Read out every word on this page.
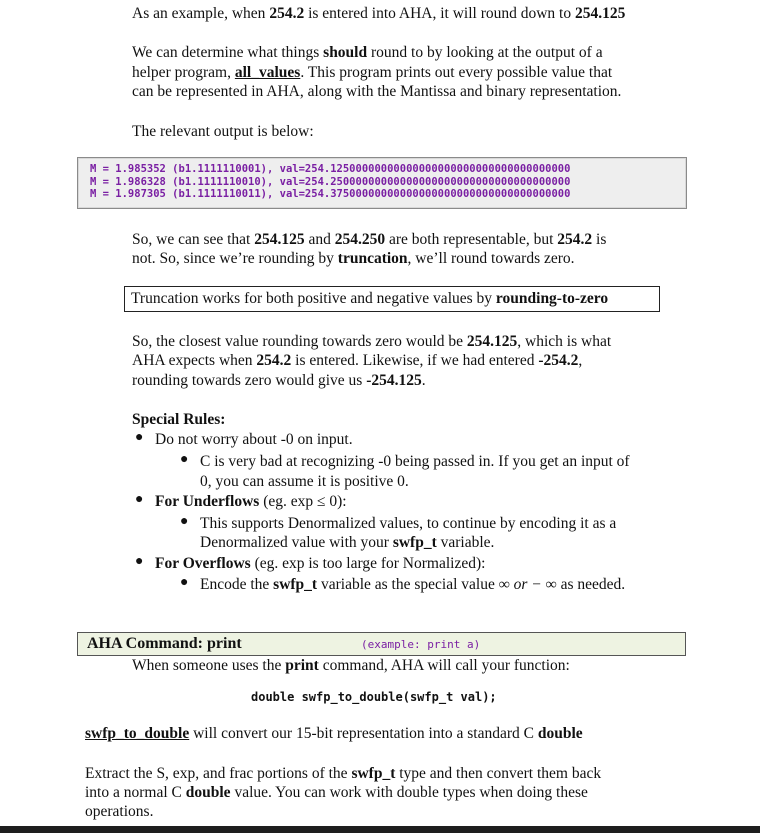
As an example, when 254.2 is entered into AHA, it will round down to 254.125

We can determine what things should round to by looking at the output of a

helper program, all_values. This program prints out every possible value that

can be represented in AHA, along with the Mantissa and binary representation.

The relevant output is below:

M = 1.985352 (b1.1111110001), val=254.12500000000000000000000000000000000000
M = 1.986328 (b1.1111110010), val=254.25000000000000000000000000000000000000
M = 1.987305 (b1.1111110011), val=254.37500000000000000000000000000000000000

So, we can see that 254.125 and 254.250 are both representable, but 254.2 is

not. So, since we’re rounding by truncation, we’ll round towards zero.

Truncation works for both positive and negative values by rounding-to-zero

So, the closest value rounding towards zero would be 254.125, which is what

AHA expects when 254.2 is entered. Likewise, if we had entered -254.2,

rounding towards zero would give us -254.125.

Special Rules:

● Do not worry about -0 on input.

● C is very bad at recognizing -0 being passed in. If you get an input of

0, you can assume it is positive 0.

● For Underflows (eg. exp ≤ 0):

● This supports Denormalized values, to continue by encoding it as a

Denormalized value with your swfp_t variable.

● For Overflows (eg. exp is too large for Normalized):

● Encode the swfp_t variable as the special value ∞ or − ∞ as needed.

AHA Command: print	(example: print a)

When someone uses the print command, AHA will call your function:

double swfp_to_double(swfp_t val);

swfp_to_double will convert our 15-bit representation into a standard C double

Extract the S, exp, and frac portions of the swfp_t type and then convert them back

into a normal C double value. You can work with double types when doing these

operations.
